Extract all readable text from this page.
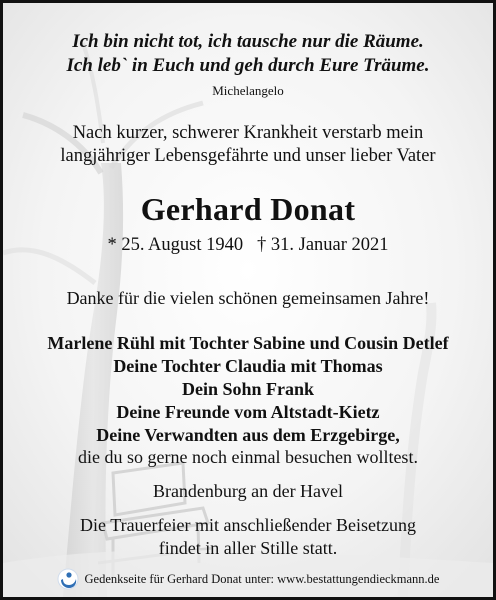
Ich bin nicht tot, ich tausche nur die Räume.
Ich leb` in Euch und geh durch Eure Träume.
Michelangelo
Nach kurzer, schwerer Krankheit verstarb mein
langjähriger Lebensgefährte und unser lieber Vater
Gerhard Donat
* 25. August 1940   † 31. Januar 2021
Danke für die vielen schönen gemeinsamen Jahre!
Marlene Rühl mit Tochter Sabine und Cousin Detlef
Deine Tochter Claudia mit Thomas
Dein Sohn Frank
Deine Freunde vom Altstadt-Kietz
Deine Verwandten aus dem Erzgebirge,
die du so gerne noch einmal besuchen wolltest.
Brandenburg an der Havel
Die Trauerfeier mit anschließender Beisetzung
findet in aller Stille statt.
Gedenkseite für Gerhard Donat unter: www.bestattungendieckmann.de
